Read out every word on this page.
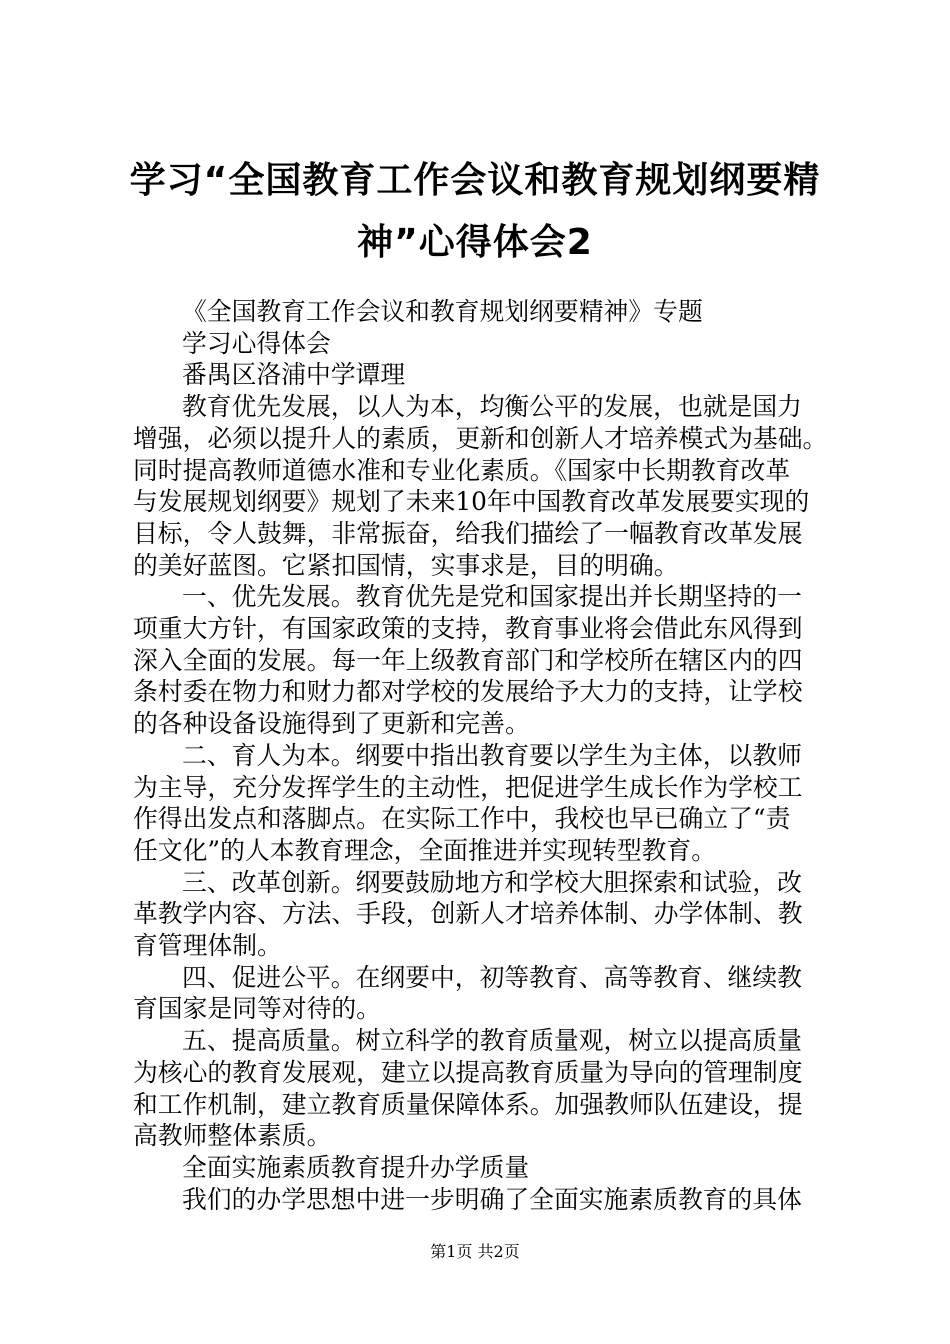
学习“全国教育工作会议和教育规划纲要精
神”心得体会2

《全国教育工作会议和教育规划纲要精神》专题

学习心得体会

番禺区洛浦中学谭理

教育优先发展，以人为本，均衡公平的发展，也就是国力

增强，必须以提升人的素质，更新和创新人才培养模式为基础。

同时提高教师道德水准和专业化素质。《国家中长期教育改革

与发展规划纲要》规划了未来10年中国教育改革发展要实现的

目标，令人鼓舞，非常振奋，给我们描绘了一幅教育改革发展

的美好蓝图。它紧扣国情，实事求是，目的明确。

一、优先发展。教育优先是党和国家提出并长期坚持的一

项重大方针，有国家政策的支持，教育事业将会借此东风得到

深入全面的发展。每一年上级教育部门和学校所在辖区内的四

条村委在物力和财力都对学校的发展给予大力的支持，让学校

的各种设备设施得到了更新和完善。

二、育人为本。纲要中指出教育要以学生为主体，以教师

为主导，充分发挥学生的主动性，把促进学生成长作为学校工

作得出发点和落脚点。在实际工作中，我校也早已确立了“责

任文化”的人本教育理念，全面推进并实现转型教育。

三、改革创新。纲要鼓励地方和学校大胆探索和试验，改

革教学内容、方法、手段，创新人才培养体制、办学体制、教

育管理体制。

四、促进公平。在纲要中，初等教育、高等教育、继续教

育国家是同等对待的。

五、提高质量。树立科学的教育质量观，树立以提高质量

为核心的教育发展观，建立以提高教育质量为导向的管理制度

和工作机制，建立教育质量保障体系。加强教师队伍建设，提

高教师整体素质。

全面实施素质教育提升办学质量

我们的办学思想中进一步明确了全面实施素质教育的具体

第1页 共2页
